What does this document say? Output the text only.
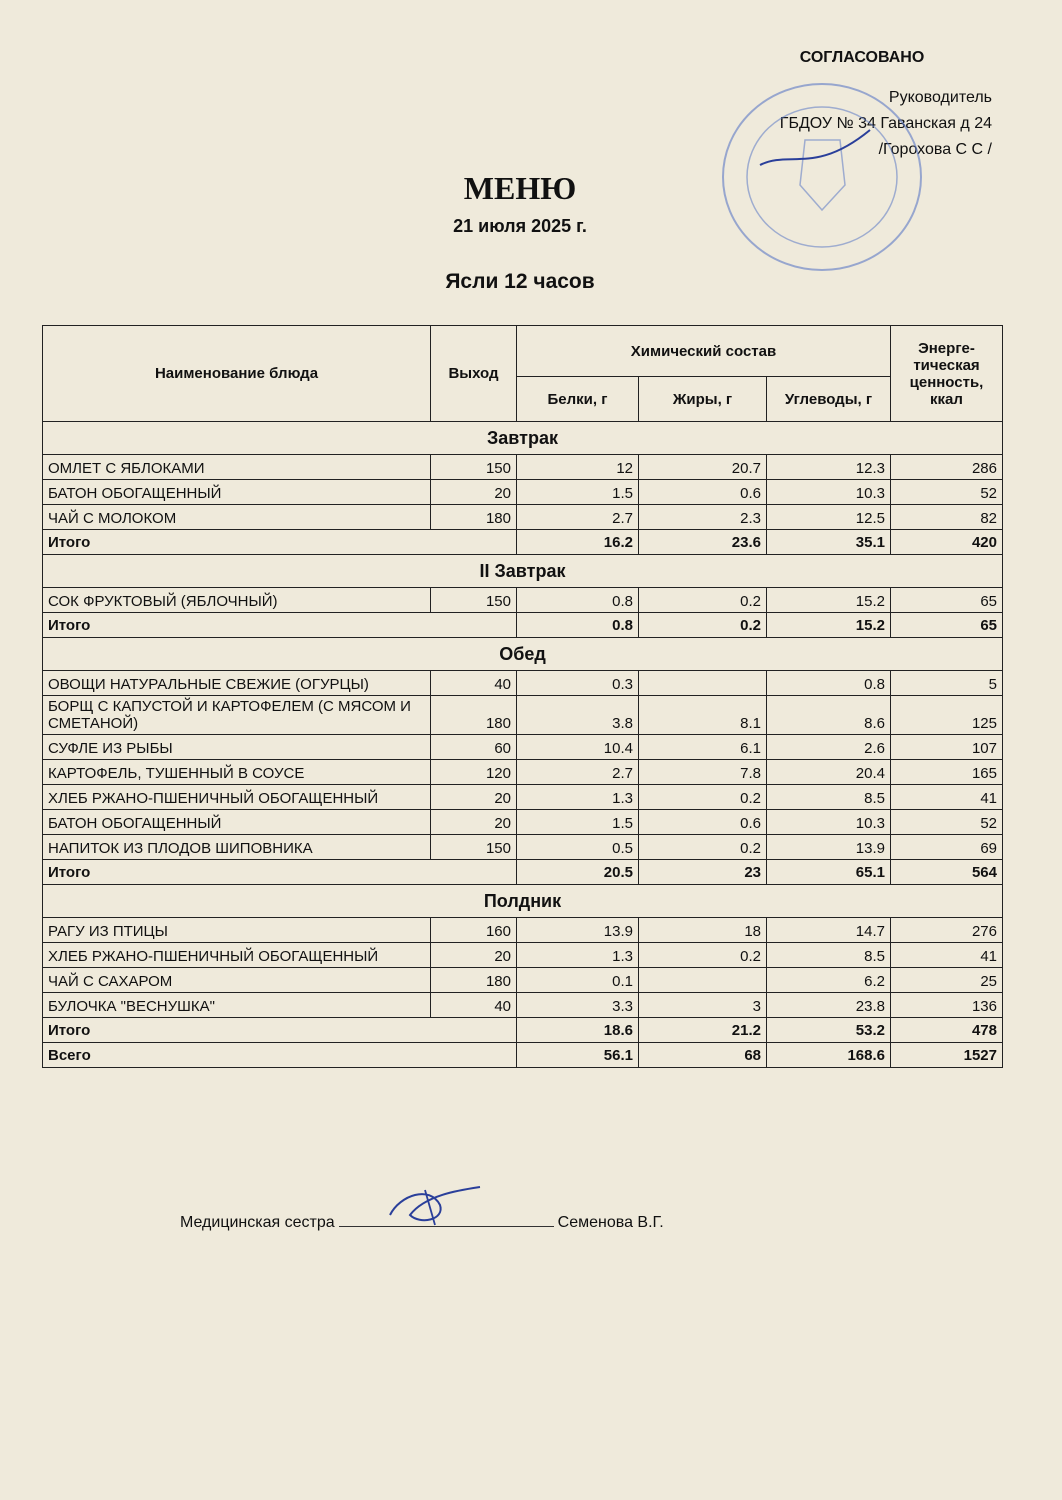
СОГЛАСОВАНО
Руководитель
ГБДОУ № 34 Гаванская д 24
/Горохова С С /
МЕНЮ
21 июля 2025 г.
Ясли 12 часов
Наименование блюда	Выход	Химический состав			Энерге-тическая ценность, ккал
		Белки, г	Жиры, г	Углеводы, г	
Завтрак					
ОМЛЕТ С ЯБЛОКАМИ	150	12	20.7	12.3	286
БАТОН ОБОГАЩЕННЫЙ	20	1.5	0.6	10.3	52
ЧАЙ С МОЛОКОМ	180	2.7	2.3	12.5	82
Итого		16.2	23.6	35.1	420
II Завтрак					
СОК ФРУКТОВЫЙ (ЯБЛОЧНЫЙ)	150	0.8	0.2	15.2	65
Итого		0.8	0.2	15.2	65
Обед					
ОВОЩИ НАТУРАЛЬНЫЕ СВЕЖИЕ (ОГУРЦЫ)	40	0.3		0.8	5
БОРЩ С КАПУСТОЙ И КАРТОФЕЛЕМ (С МЯСОМ И СМЕТАНОЙ)	180	3.8	8.1	8.6	125
СУФЛЕ ИЗ РЫБЫ	60	10.4	6.1	2.6	107
КАРТОФЕЛЬ, ТУШЕННЫЙ В СОУСЕ	120	2.7	7.8	20.4	165
ХЛЕБ РЖАНО-ПШЕНИЧНЫЙ ОБОГАЩЕННЫЙ	20	1.3	0.2	8.5	41
БАТОН ОБОГАЩЕННЫЙ	20	1.5	0.6	10.3	52
НАПИТОК ИЗ ПЛОДОВ ШИПОВНИКА	150	0.5	0.2	13.9	69
Итого		20.5	23	65.1	564
Полдник					
РАГУ ИЗ ПТИЦЫ	160	13.9	18	14.7	276
ХЛЕБ РЖАНО-ПШЕНИЧНЫЙ ОБОГАЩЕННЫЙ	20	1.3	0.2	8.5	41
ЧАЙ С САХАРОМ	180	0.1		6.2	25
БУЛОЧКА "ВЕСНУШКА"	40	3.3	3	23.8	136
Итого		18.6	21.2	53.2	478
Всего		56.1	68	168.6	1527
Медицинская сестра	Семенова В.Г.
